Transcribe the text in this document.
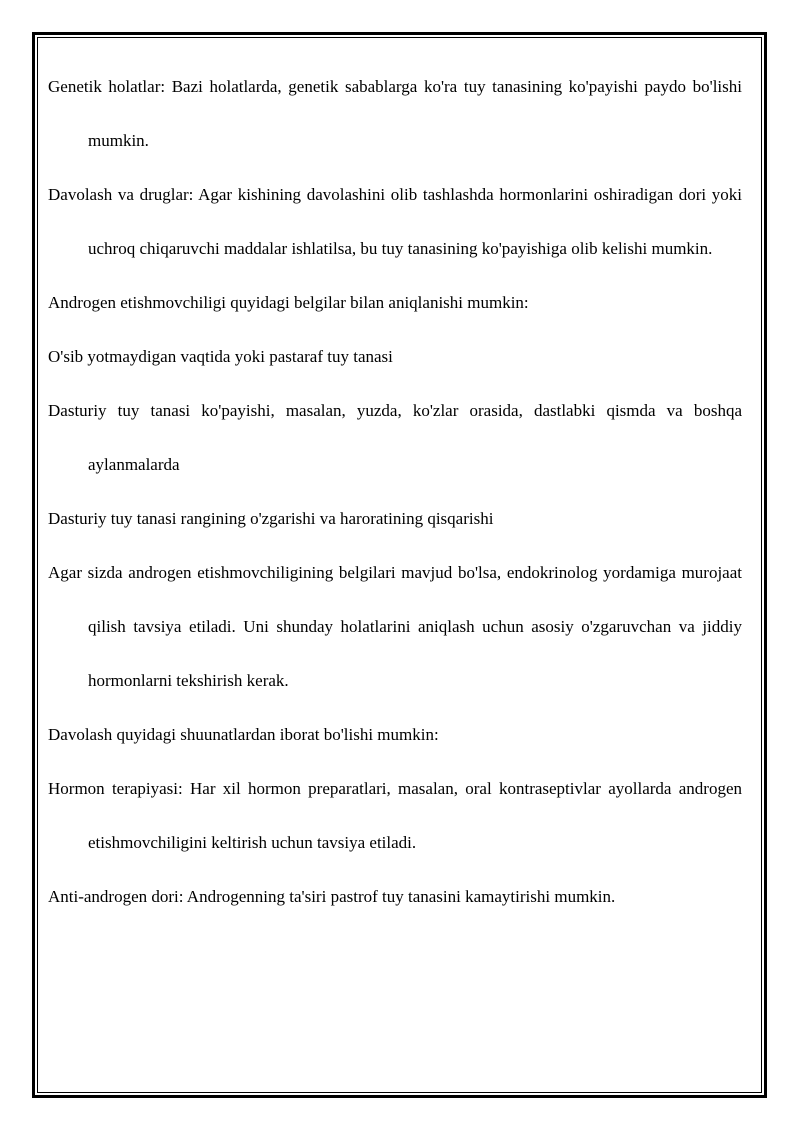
Genetik holatlar: Bazi holatlarda, genetik sabablarga ko'ra tuy tanasining ko'payishi paydo bo'lishi mumkin.

Davolash va druglar: Agar kishining davolashini olib tashlashda hormonlarini oshiradigan dori yoki uchroq chiqaruvchi maddalar ishlatilsa, bu tuy tanasining ko'payishiga olib kelishi mumkin.

Androgen etishmovchiligi quyidagi belgilar bilan aniqlanishi mumkin:

O'sib yotmaydigan vaqtida yoki pastaraf tuy tanasi

Dasturiy tuy tanasi ko'payishi, masalan, yuzda, ko'zlar orasida, dastlabki qismda va boshqa aylanmalarda

Dasturiy tuy tanasi rangining o'zgarishi va haroratining qisqarishi

Agar sizda androgen etishmovchiligining belgilari mavjud bo'lsa, endokrinolog yordamiga murojaat qilish tavsiya etiladi. Uni shunday holatlarini aniqlash uchun asosiy o'zgaruvchan va jiddiy hormonlarni tekshirish kerak.

Davolash quyidagi shuunatlardan iborat bo'lishi mumkin:

Hormon terapiyasi: Har xil hormon preparatlari, masalan, oral kontraseptivlar ayollarda androgen etishmovchiligini keltirish uchun tavsiya etiladi.

Anti-androgen dori: Androgenning ta'siri pastrof tuy tanasini kamaytirishi mumkin.
